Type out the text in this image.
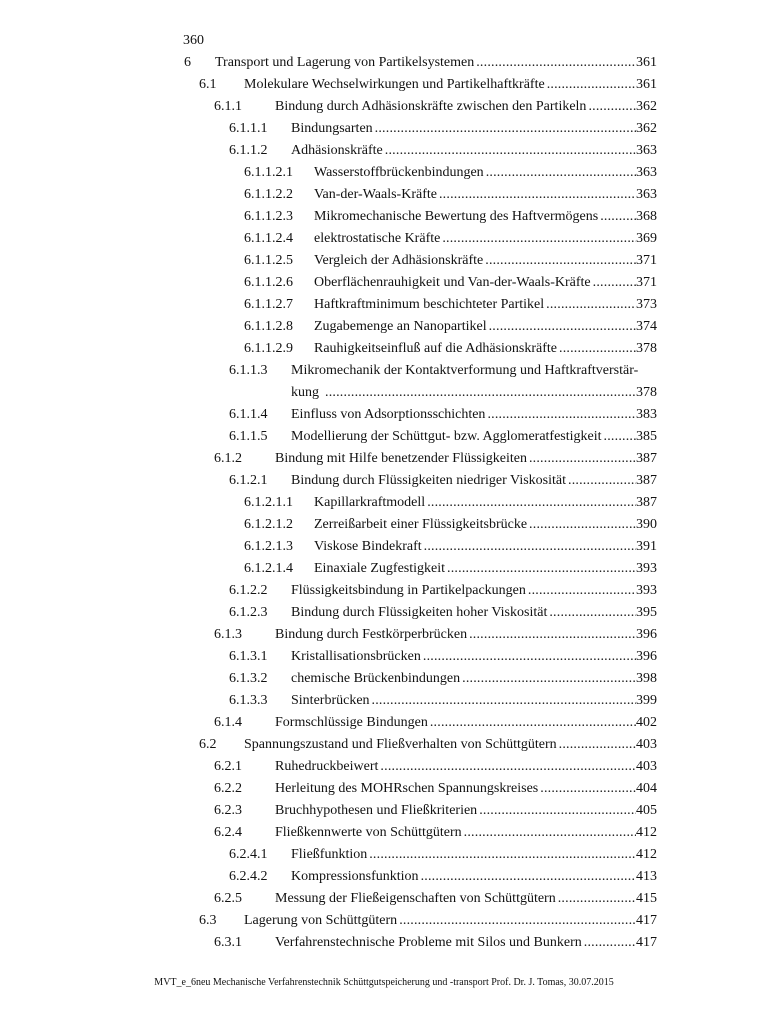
360
6 Transport und Lagerung von Partikelsystemen .....	361
6.1 Molekulare Wechselwirkungen und Partikelhaftkräfte .....	361
6.1.1 Bindung durch Adhäsionskräfte zwischen den Partikeln .....	362
6.1.1.1 Bindungsarten .....	362
6.1.1.2 Adhäsionskräfte .....	363
6.1.1.2.1 Wasserstoffbrückenbindungen .....	363
6.1.1.2.2 Van-der-Waals-Kräfte .....	363
6.1.1.2.3 Mikromechanische Bewertung des Haftvermögens .....	368
6.1.1.2.4 elektrostatische Kräfte .....	369
6.1.1.2.5 Vergleich der Adhäsionskräfte .....	371
6.1.1.2.6 Oberflächenrauhigkeit und Van-der-Waals-Kräfte .....	371
6.1.1.2.7 Haftkraftminimum beschichteter Partikel .....	373
6.1.1.2.8 Zugabemenge an Nanopartikel .....	374
6.1.1.2.9 Rauhigkeitseinfluß auf die Adhäsionskräfte .....	378
6.1.1.3 Mikromechanik der Kontaktverformung und Haftkraftverstär-
kung .....	378
6.1.1.4 Einfluss von Adsorptionsschichten .....	383
6.1.1.5 Modellierung der Schüttgut- bzw. Agglomeratfestigkeit ..... 385
6.1.2 Bindung mit Hilfe benetzender Flüssigkeiten .....	387
6.1.2.1 Bindung durch Flüssigkeiten niedriger Viskosität .....	387
6.1.2.1.1 Kapillarkraftmodell .....	387
6.1.2.1.2 Zerreißarbeit einer Flüssigkeitsbrücke .....	390
6.1.2.1.3 Viskose Bindekraft .....	391
6.1.2.1.4 Einaxiale Zugfestigkeit .....	393
6.1.2.2 Flüssigkeitsbindung in Partikelpackungen .....	393
6.1.2.3 Bindung durch Flüssigkeiten hoher Viskosität .....	395
6.1.3 Bindung durch Festkörperbrücken .....	396
6.1.3.1 Kristallisationsbrücken .....	396
6.1.3.2 chemische Brückenbindungen .....	398
6.1.3.3 Sinterbrücken .....	399
6.1.4 Formschlüssige Bindungen .....	402
6.2 Spannungszustand und Fließverhalten von Schüttgütern .....	403
6.2.1 Ruhedruckbeiwert .....	403
6.2.2 Herleitung des MOHRschen Spannungskreises .....	404
6.2.3 Bruchhypothesen und Fließkriterien .....	405
6.2.4 Fließkennwerte von Schüttgütern .....	412
6.2.4.1 Fließfunktion .....	412
6.2.4.2 Kompressionsfunktion .....	413
6.2.5 Messung der Fließeigenschaften von Schüttgütern .....	415
6.3 Lagerung von Schüttgütern .....	417
6.3.1 Verfahrenstechnische Probleme mit Silos und Bunkern .....	417
MVT_e_6neu Mechanische Verfahrenstechnik Schüttgutspeicherung und -transport Prof. Dr. J. Tomas, 30.07.2015
